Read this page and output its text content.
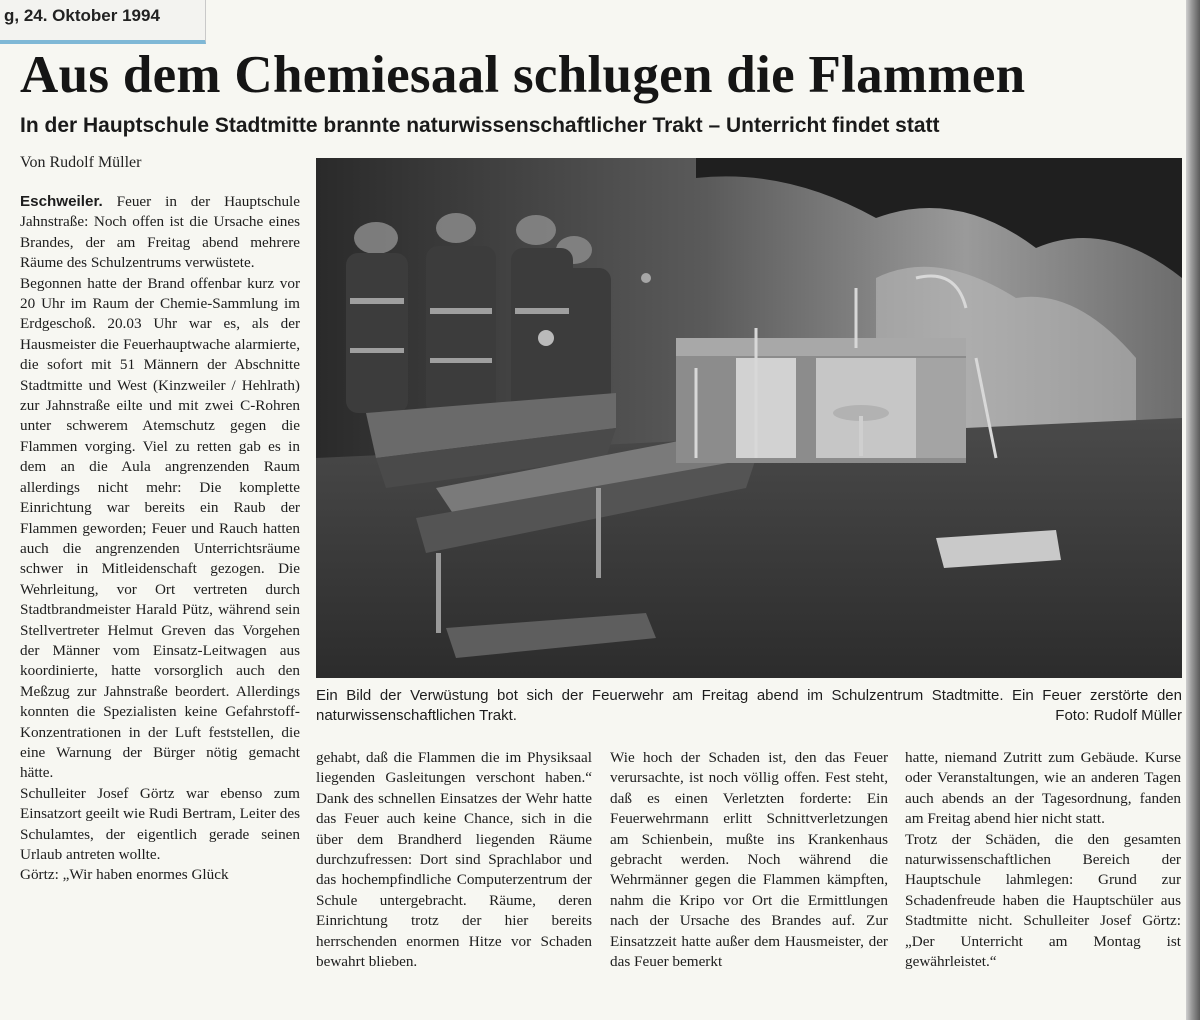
g, 24. Oktober 1994
Aus dem Chemiesaal schlugen die Flammen
In der Hauptschule Stadtmitte brannte naturwissenschaftlicher Trakt – Unterricht findet statt
Von Rudolf Müller

Eschweiler. Feuer in der Hauptschule Jahnstraße: Noch offen ist die Ursache eines Brandes, der am Freitag abend mehrere Räume des Schulzentrums verwüstete.

Begonnen hatte der Brand offenbar kurz vor 20 Uhr im Raum der Chemie-Sammlung im Erdgeschoß. 20.03 Uhr war es, als der Hausmeister die Feuerhauptwache alarmierte, die sofort mit 51 Männern der Abschnitte Stadtmitte und West (Kinzweiler / Hehlrath) zur Jahnstraße eilte und mit zwei C-Rohren unter schwerem Atemschutz gegen die Flammen vorging. Viel zu retten gab es in dem an die Aula angrenzenden Raum allerdings nicht mehr: Die komplette Einrichtung war bereits ein Raub der Flammen geworden; Feuer und Rauch hatten auch die angrenzenden Unterrichtsräume schwer in Mitleidenschaft gezogen. Die Wehrleitung, vor Ort vertreten durch Stadtbrandmeister Harald Pütz, während sein Stellvertreter Helmut Greven das Vorgehen der Männer vom Einsatz-Leitwagen aus koordinierte, hatte vorsorglich auch den Meßzug zur Jahnstraße beordert. Allerdings konnten die Spezialisten keine Gefahrstoff-Konzentrationen in der Luft feststellen, die eine Warnung der Bürger nötig gemacht hätte.

Schulleiter Josef Görtz war ebenso zum Einsatzort geeilt wie Rudi Bertram, Leiter des Schulamtes, der eigentlich gerade seinen Urlaub antreten wollte.

Görtz: „Wir haben enormes Glück

Ein Bild der Verwüstung bot sich der Feuerwehr am Freitag abend im Schulzentrum Stadtmitte. Ein Feuer zerstörte den naturwissenschaftlichen Trakt.	Foto: Rudolf Müller

gehabt, daß die Flammen die im Physiksaal liegenden Gasleitungen verschont haben.“ Dank des schnellen Einsatzes der Wehr hatte das Feuer auch keine Chance, sich in die über dem Brandherd liegenden Räume durchzufressen: Dort sind Sprachlabor und das hochempfindliche Computerzentrum der Schule untergebracht. Räume, deren Einrichtung trotz der hier bereits herrschenden enormen Hitze vor Schaden bewahrt blieben.

Wie hoch der Schaden ist, den das Feuer verursachte, ist noch völlig offen. Fest steht, daß es einen Verletzten forderte: Ein Feuerwehrmann erlitt Schnittverletzungen am Schienbein, mußte ins Krankenhaus gebracht werden. Noch während die Wehrmänner gegen die Flammen kämpften, nahm die Kripo vor Ort die Ermittlungen nach der Ursache des Brandes auf. Zur Einsatzzeit hatte außer dem Hausmeister, der das Feuer bemerkt

hatte, niemand Zutritt zum Gebäude. Kurse oder Veranstaltungen, wie an anderen Tagen auch abends an der Tagesordnung, fanden am Freitag abend hier nicht statt.

Trotz der Schäden, die den gesamten naturwissenschaftlichen Bereich der Hauptschule lahmlegen: Grund zur Schadenfreude haben die Hauptschüler aus Stadtmitte nicht. Schulleiter Josef Görtz: „Der Unterricht am Montag ist gewährleistet.“
